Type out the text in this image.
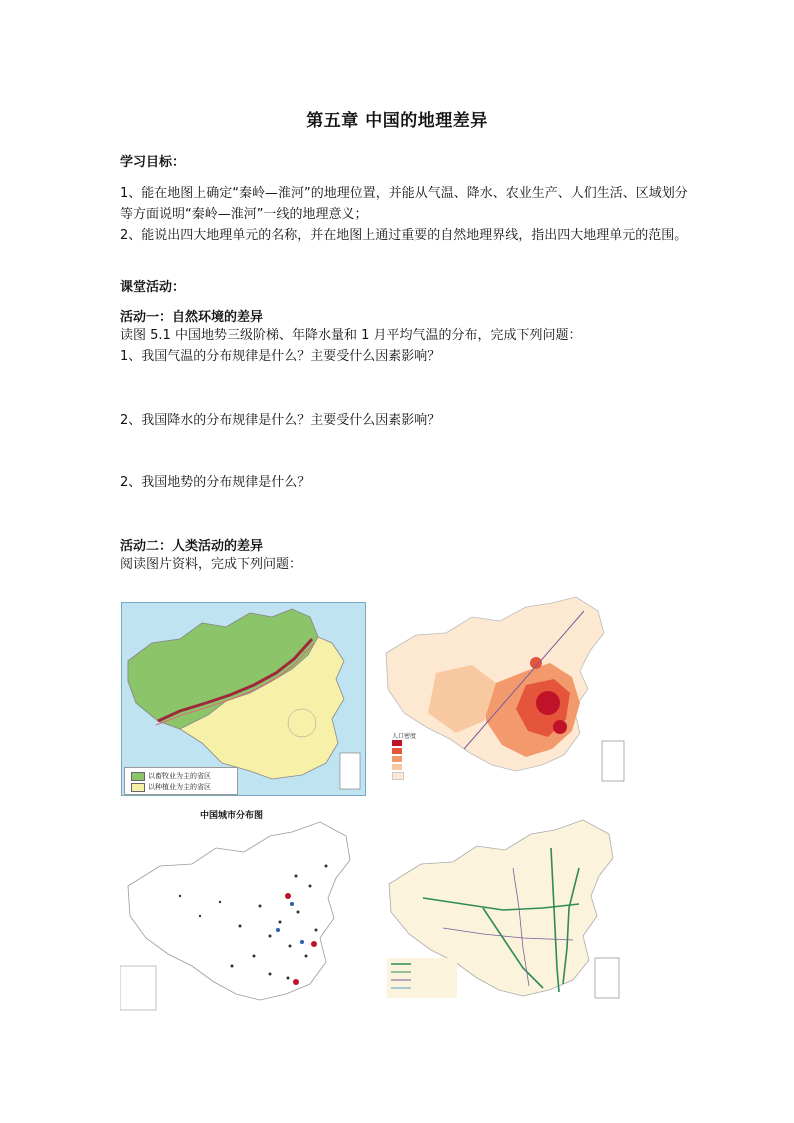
第五章 中国的地理差异
学习目标：
1、能在地图上确定“秦岭—淮河”的地理位置，并能从气温、降水、农业生产、人们生活、区域划分等方面说明“秦岭—淮河”一线的地理意义；
2、能说出四大地理单元的名称，并在地图上通过重要的自然地理界线，指出四大地理单元的范围。
课堂活动：
活动一：自然环境的差异
读图 5.1 中国地势三级阶梯、年降水量和 1 月平均气温的分布，完成下列问题：
1、我国气温的分布规律是什么？主要受什么因素影响？
2、我国降水的分布规律是什么？主要受什么因素影响？
2、我国地势的分布规律是什么？
活动二：人类活动的差异
阅读图片资料，完成下列问题：
以畜牧业为主的省区
以种植业为主的省区
人口密度
中国城市分布图
